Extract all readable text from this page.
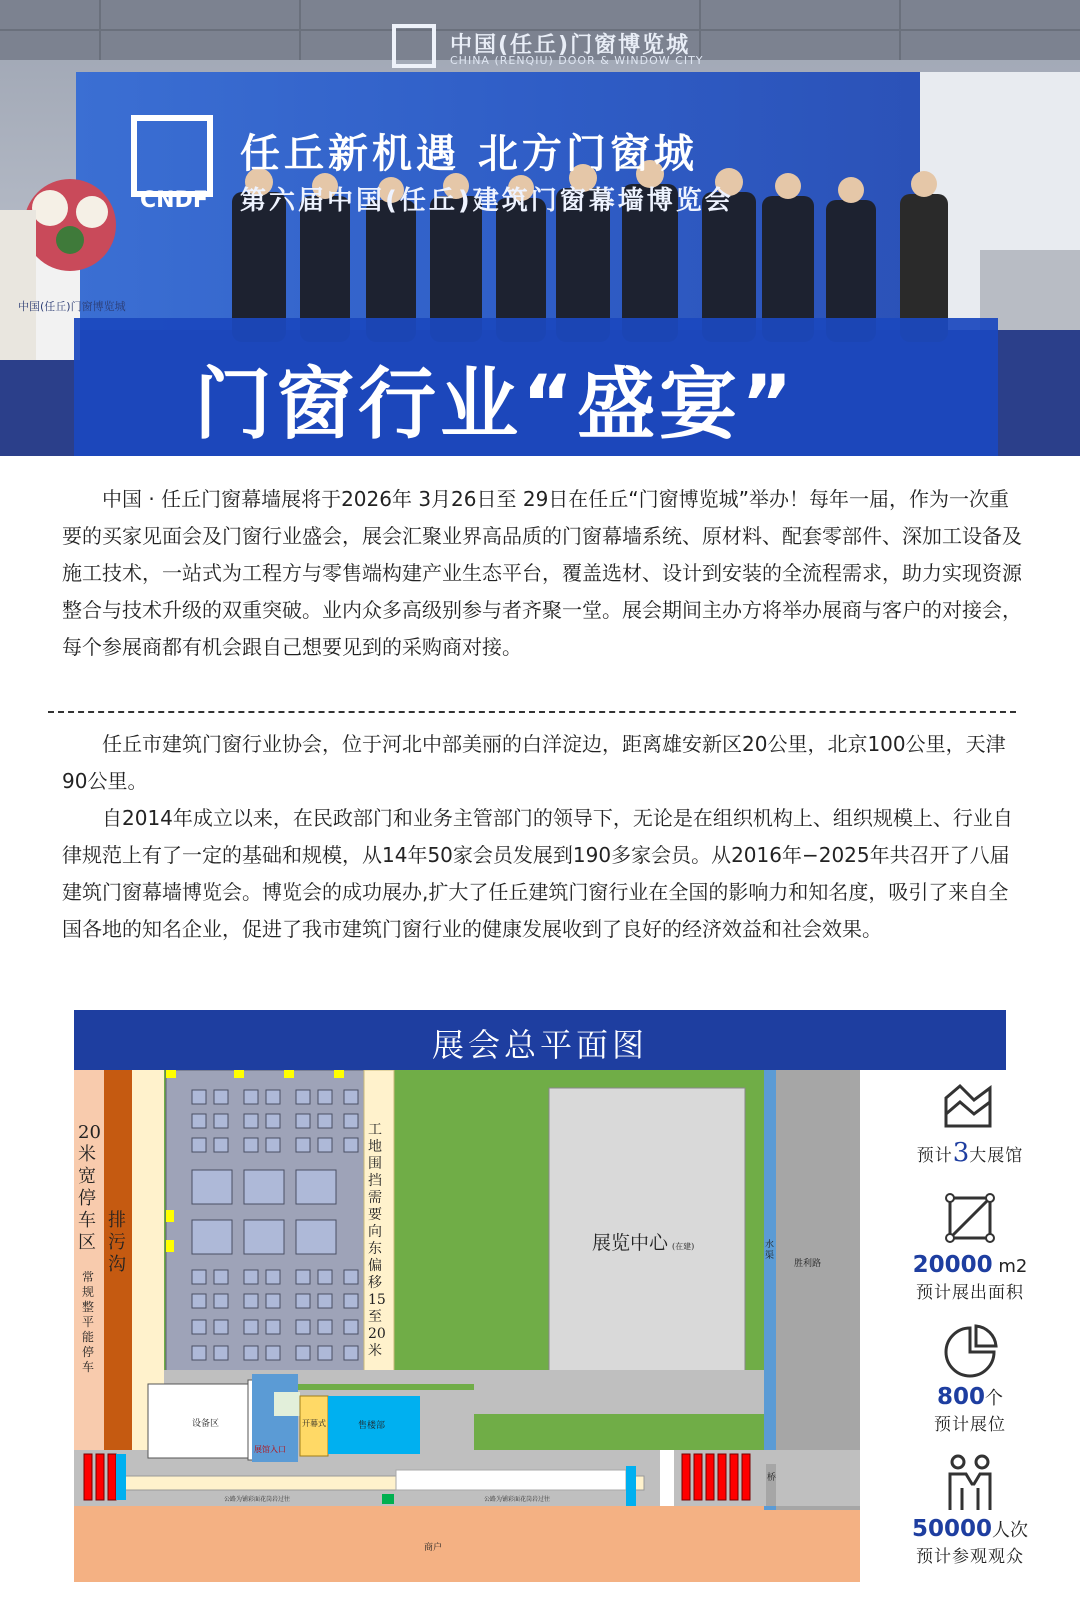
中国(任丘)门窗博览城
CHINA (RENQIU) DOOR & WINDOW CITY
任丘新机遇 北方门窗城
第六届中国(任丘)建筑门窗幕墙博览会
CNDF
中国(任丘)门窗博览城
门窗行业“盛宴”
　　中国 · 任丘门窗幕墙展将于2026年 3月26日至 29日在任丘“门窗博览城”举办！每年一届，作为一次重要的买家见面会及门窗行业盛会，展会汇聚业界高品质的门窗幕墙系统、原材料、配套零部件、深加工设备及施工技术，一站式为工程方与零售端构建产业生态平台，覆盖选材、设计到安装的全流程需求，助力实现资源整合与技术升级的双重突破。业内众多高级别参与者齐聚一堂。展会期间主办方将举办展商与客户的对接会，每个参展商都有机会跟自己想要见到的采购商对接。
　　任丘市建筑门窗行业协会，位于河北中部美丽的白洋淀边，距离雄安新区20公里，北京100公里，天津90公里。
　　自2014年成立以来，在民政部门和业务主管部门的领导下，无论是在组织机构上、组织规模上、行业自律规范上有了一定的基础和规模，从14年50家会员发展到190多家会员。从2016年−2025年共召开了八届建筑门窗幕墙博览会。博览会的成功展办,扩大了任丘建筑门窗行业在全国的影响力和知名度，吸引了来自全国各地的知名企业，促进了我市建筑门窗行业的健康发展收到了良好的经济效益和社会效果。
展会总平面图
20米宽停车区
常规整平能停车
排污沟
工地围挡需要向东偏移15至20米
展览中心 (在建)	水渠
胜利路
设备区
展馆入口
开幕式	售楼部
桥
商户
公路为铺彩面花岗岩过往	公路为铺彩面花岗岩过往
预计3大展馆
20000 m2
预计展出面积
800个
预计展位
50000人次
预计参观观众
